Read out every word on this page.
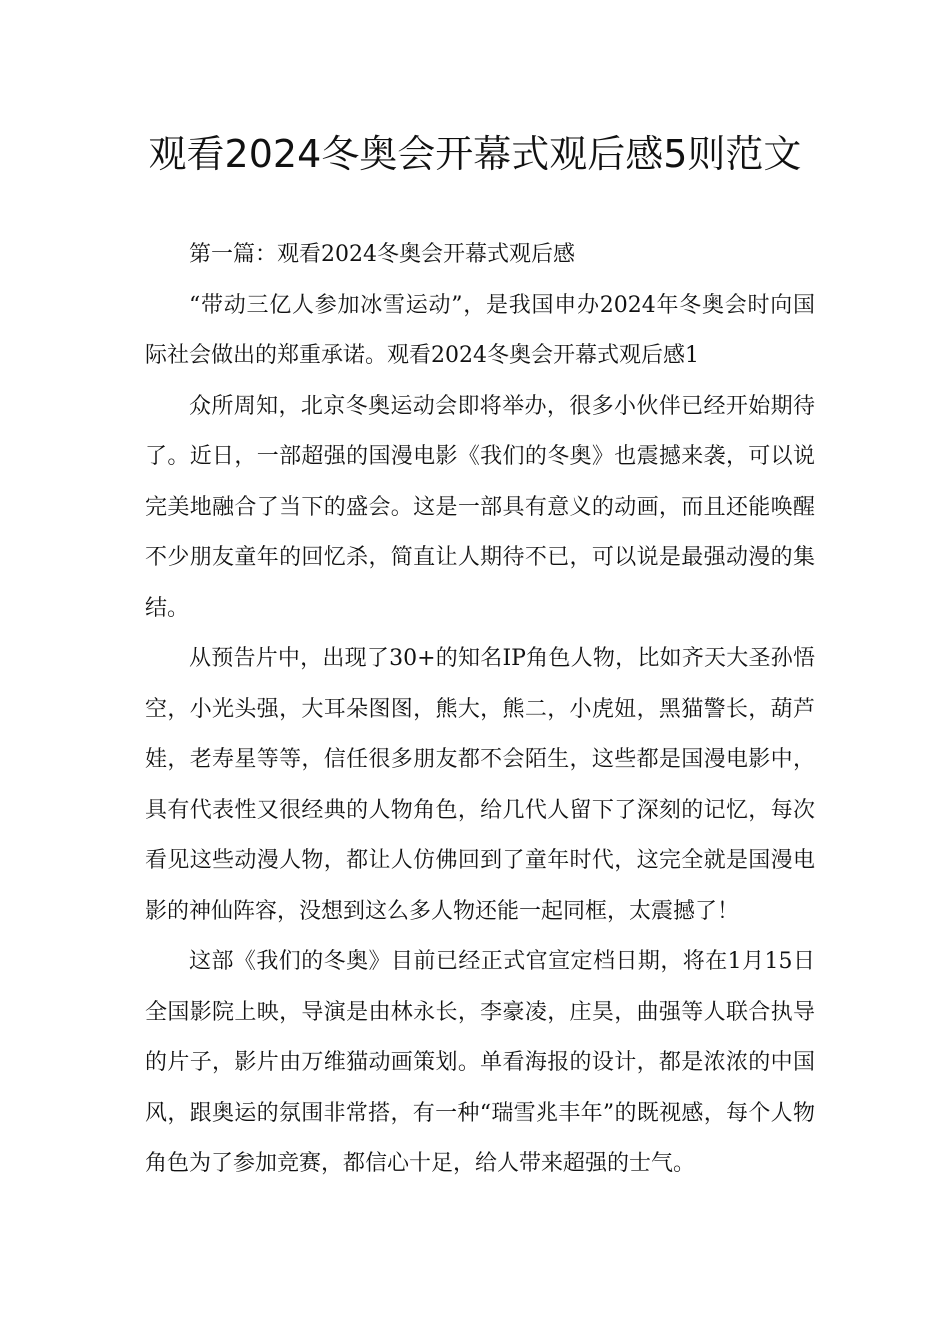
观看2024冬奥会开幕式观后感5则范文

第一篇：观看2024冬奥会开幕式观后感

“带动三亿人参加冰雪运动”，是我国申办2024年冬奥会时向国际社会做出的郑重承诺。观看2024冬奥会开幕式观后感1

众所周知，北京冬奥运动会即将举办，很多小伙伴已经开始期待了。近日，一部超强的国漫电影《我们的冬奥》也震撼来袭，可以说完美地融合了当下的盛会。这是一部具有意义的动画，而且还能唤醒不少朋友童年的回忆杀，简直让人期待不已，可以说是最强动漫的集结。

从预告片中，出现了30+的知名IP角色人物，比如齐天大圣孙悟空，小光头强，大耳朵图图，熊大，熊二，小虎妞，黑猫警长，葫芦娃，老寿星等等，信任很多朋友都不会陌生，这些都是国漫电影中，具有代表性又很经典的人物角色，给几代人留下了深刻的记忆，每次看见这些动漫人物，都让人仿佛回到了童年时代，这完全就是国漫电影的神仙阵容，没想到这么多人物还能一起同框，太震撼了！

这部《我们的冬奥》目前已经正式官宣定档日期，将在1月15日全国影院上映，导演是由林永长，李豪凌，庄昊，曲强等人联合执导的片子，影片由万维猫动画策划。单看海报的设计，都是浓浓的中国风，跟奥运的氛围非常搭，有一种“瑞雪兆丰年”的既视感，每个人物角色为了参加竞赛，都信心十足，给人带来超强的士气。
